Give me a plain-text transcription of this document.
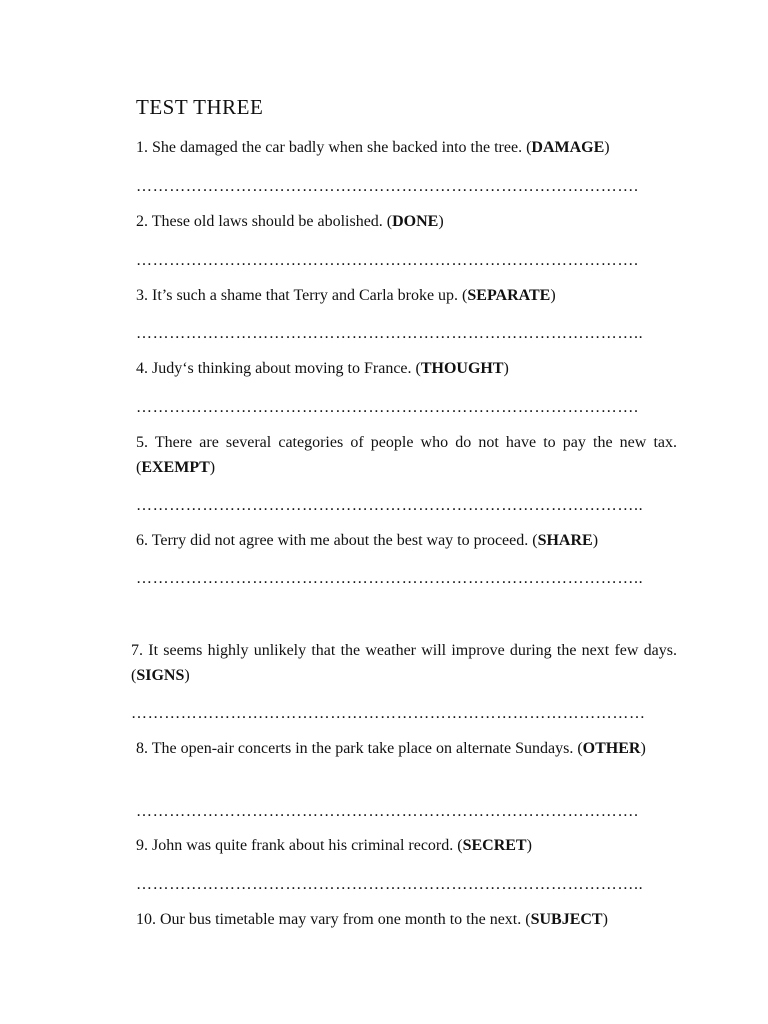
TEST THREE
1. She damaged the car badly when she backed into the tree. (DAMAGE)
……………………………………………………………………………….
2. These old laws should be abolished. (DONE)
……………………………………………………………………………….
3. It’s such a shame that Terry and Carla broke up. (SEPARATE)
………………………………………………………………………………..
4. Judy‘s thinking about moving to France. (THOUGHT)
……………………………………………………………………………….
5. There are several categories of people who do not have to pay the new tax. (EXEMPT)
………………………………………………………………………………..
6. Terry did not agree with me about the best way to proceed. (SHARE)
………………………………………………………………………………..
7. It seems highly unlikely that the weather will improve during the next few days. (SIGNS)
…………………………………………………………………………………
8. The open-air concerts in the park take place on alternate Sundays. (OTHER)
……………………………………………………………………………….
9. John was quite frank about his criminal record. (SECRET)
………………………………………………………………………………..
10. Our bus timetable may vary from one month to the next. (SUBJECT)
